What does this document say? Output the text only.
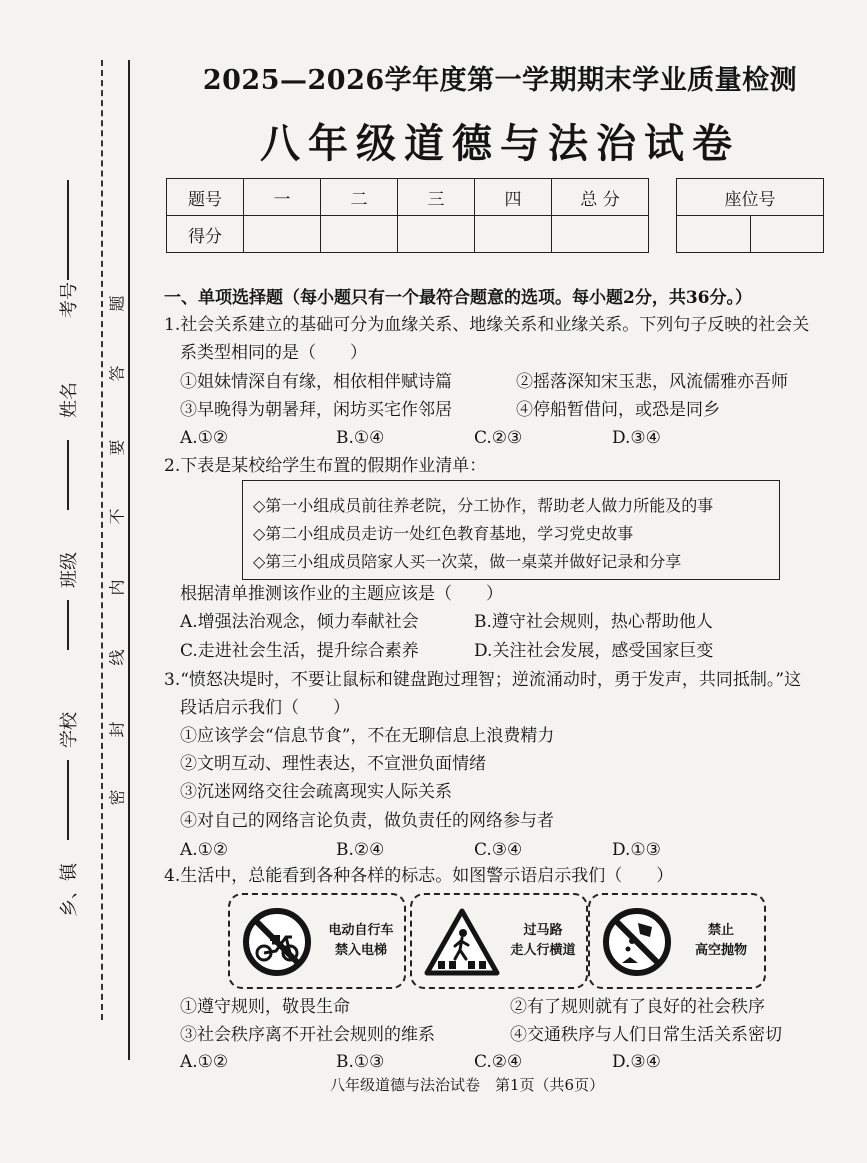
考号
姓名
班级
学校
乡、镇
题
答
要
不
内
线
封
密
2025—2026学年度第一学期期末学业质量检测
八年级道德与法治试卷
题号	一	二	三	四	总 分
得分					
座位号

一、单项选择题（每小题只有一个最符合题意的选项。每小题2分，共36分。）
1.社会关系建立的基础可分为血缘关系、地缘关系和业缘关系。下列句子反映的社会关
系类型相同的是（　　）
①姐妹情深自有缘，相依相伴赋诗篇	②摇落深知宋玉悲，风流儒雅亦吾师
③早晚得为朝暑拜，闲坊买宅作邻居	④停船暂借问，或恐是同乡
A.①②	B.①④	C.②③	D.③④
2.下表是某校给学生布置的假期作业清单：
◇第一小组成员前往养老院，分工协作，帮助老人做力所能及的事
◇第二小组成员走访一处红色教育基地，学习党史故事
◇第三小组成员陪家人买一次菜，做一桌菜并做好记录和分享
根据清单推测该作业的主题应该是（　　）
A.增强法治观念，倾力奉献社会	B.遵守社会规则，热心帮助他人
C.走进社会生活，提升综合素养	D.关注社会发展，感受国家巨变
3.“愤怒决堤时，不要让鼠标和键盘跑过理智；逆流涌动时，勇于发声，共同抵制。”这
段话启示我们（　　）
①应该学会“信息节食”，不在无聊信息上浪费精力
②文明互动、理性表达，不宣泄负面情绪
③沉迷网络交往会疏离现实人际关系
④对自己的网络言论负责，做负责任的网络参与者
A.①②	B.②④	C.③④	D.①③
4.生活中，总能看到各种各样的标志。如图警示语启示我们（　　）
电动自行车
禁入电梯
过马路
走人行横道
禁止
高空抛物
①遵守规则，敬畏生命	②有了规则就有了良好的社会秩序
③社会秩序离不开社会规则的维系	④交通秩序与人们日常生活关系密切
A.①②	B.①③	C.②④	D.③④
八年级道德与法治试卷　第1页（共6页）
